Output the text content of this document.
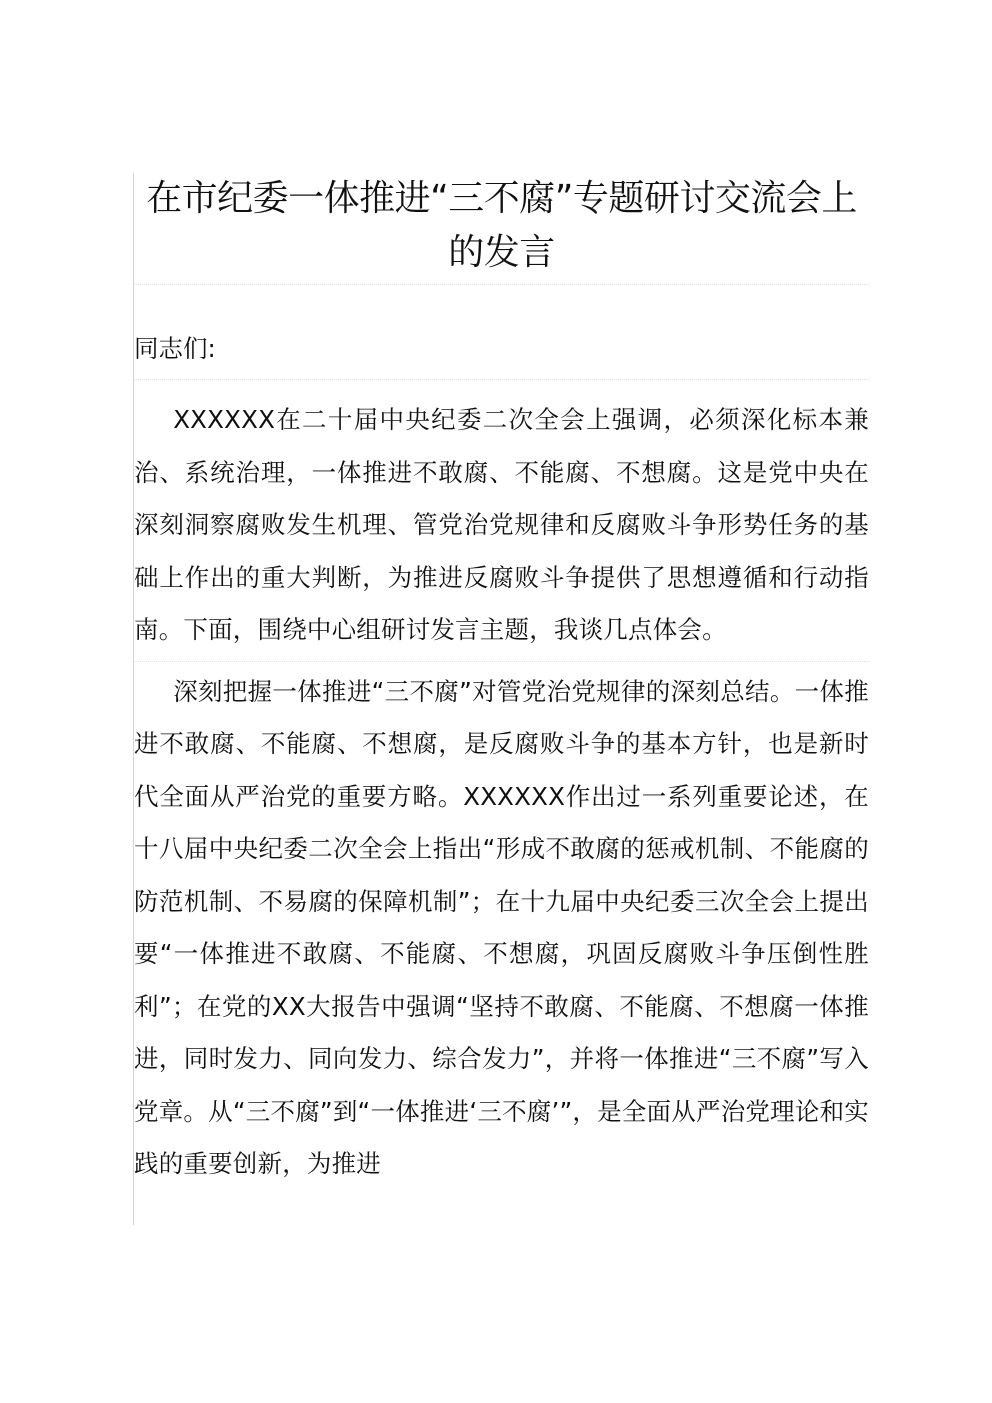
在市纪委一体推进“三不腐”专题研讨交流会上的发言

同志们:

XXXXXX在二十届中央纪委二次全会上强调，必须深化标本兼治、系统治理，一体推进不敢腐、不能腐、不想腐。这是党中央在深刻洞察腐败发生机理、管党治党规律和反腐败斗争形势任务的基础上作出的重大判断，为推进反腐败斗争提供了思想遵循和行动指南。下面，围绕中心组研讨发言主题，我谈几点体会。

深刻把握一体推进“三不腐”对管党治党规律的深刻总结。一体推进不敢腐、不能腐、不想腐，是反腐败斗争的基本方针，也是新时代全面从严治党的重要方略。XXXXXX作出过一系列重要论述，在十八届中央纪委二次全会上指出“形成不敢腐的惩戒机制、不能腐的防范机制、不易腐的保障机制”；在十九届中央纪委三次全会上提出要“一体推进不敢腐、不能腐、不想腐，巩固反腐败斗争压倒性胜利”；在党的XX大报告中强调“坚持不敢腐、不能腐、不想腐一体推进，同时发力、同向发力、综合发力”，并将一体推进“三不腐”写入党章。从“三不腐”到“一体推进‘三不腐’”，是全面从严治党理论和实践的重要创新，为推进
